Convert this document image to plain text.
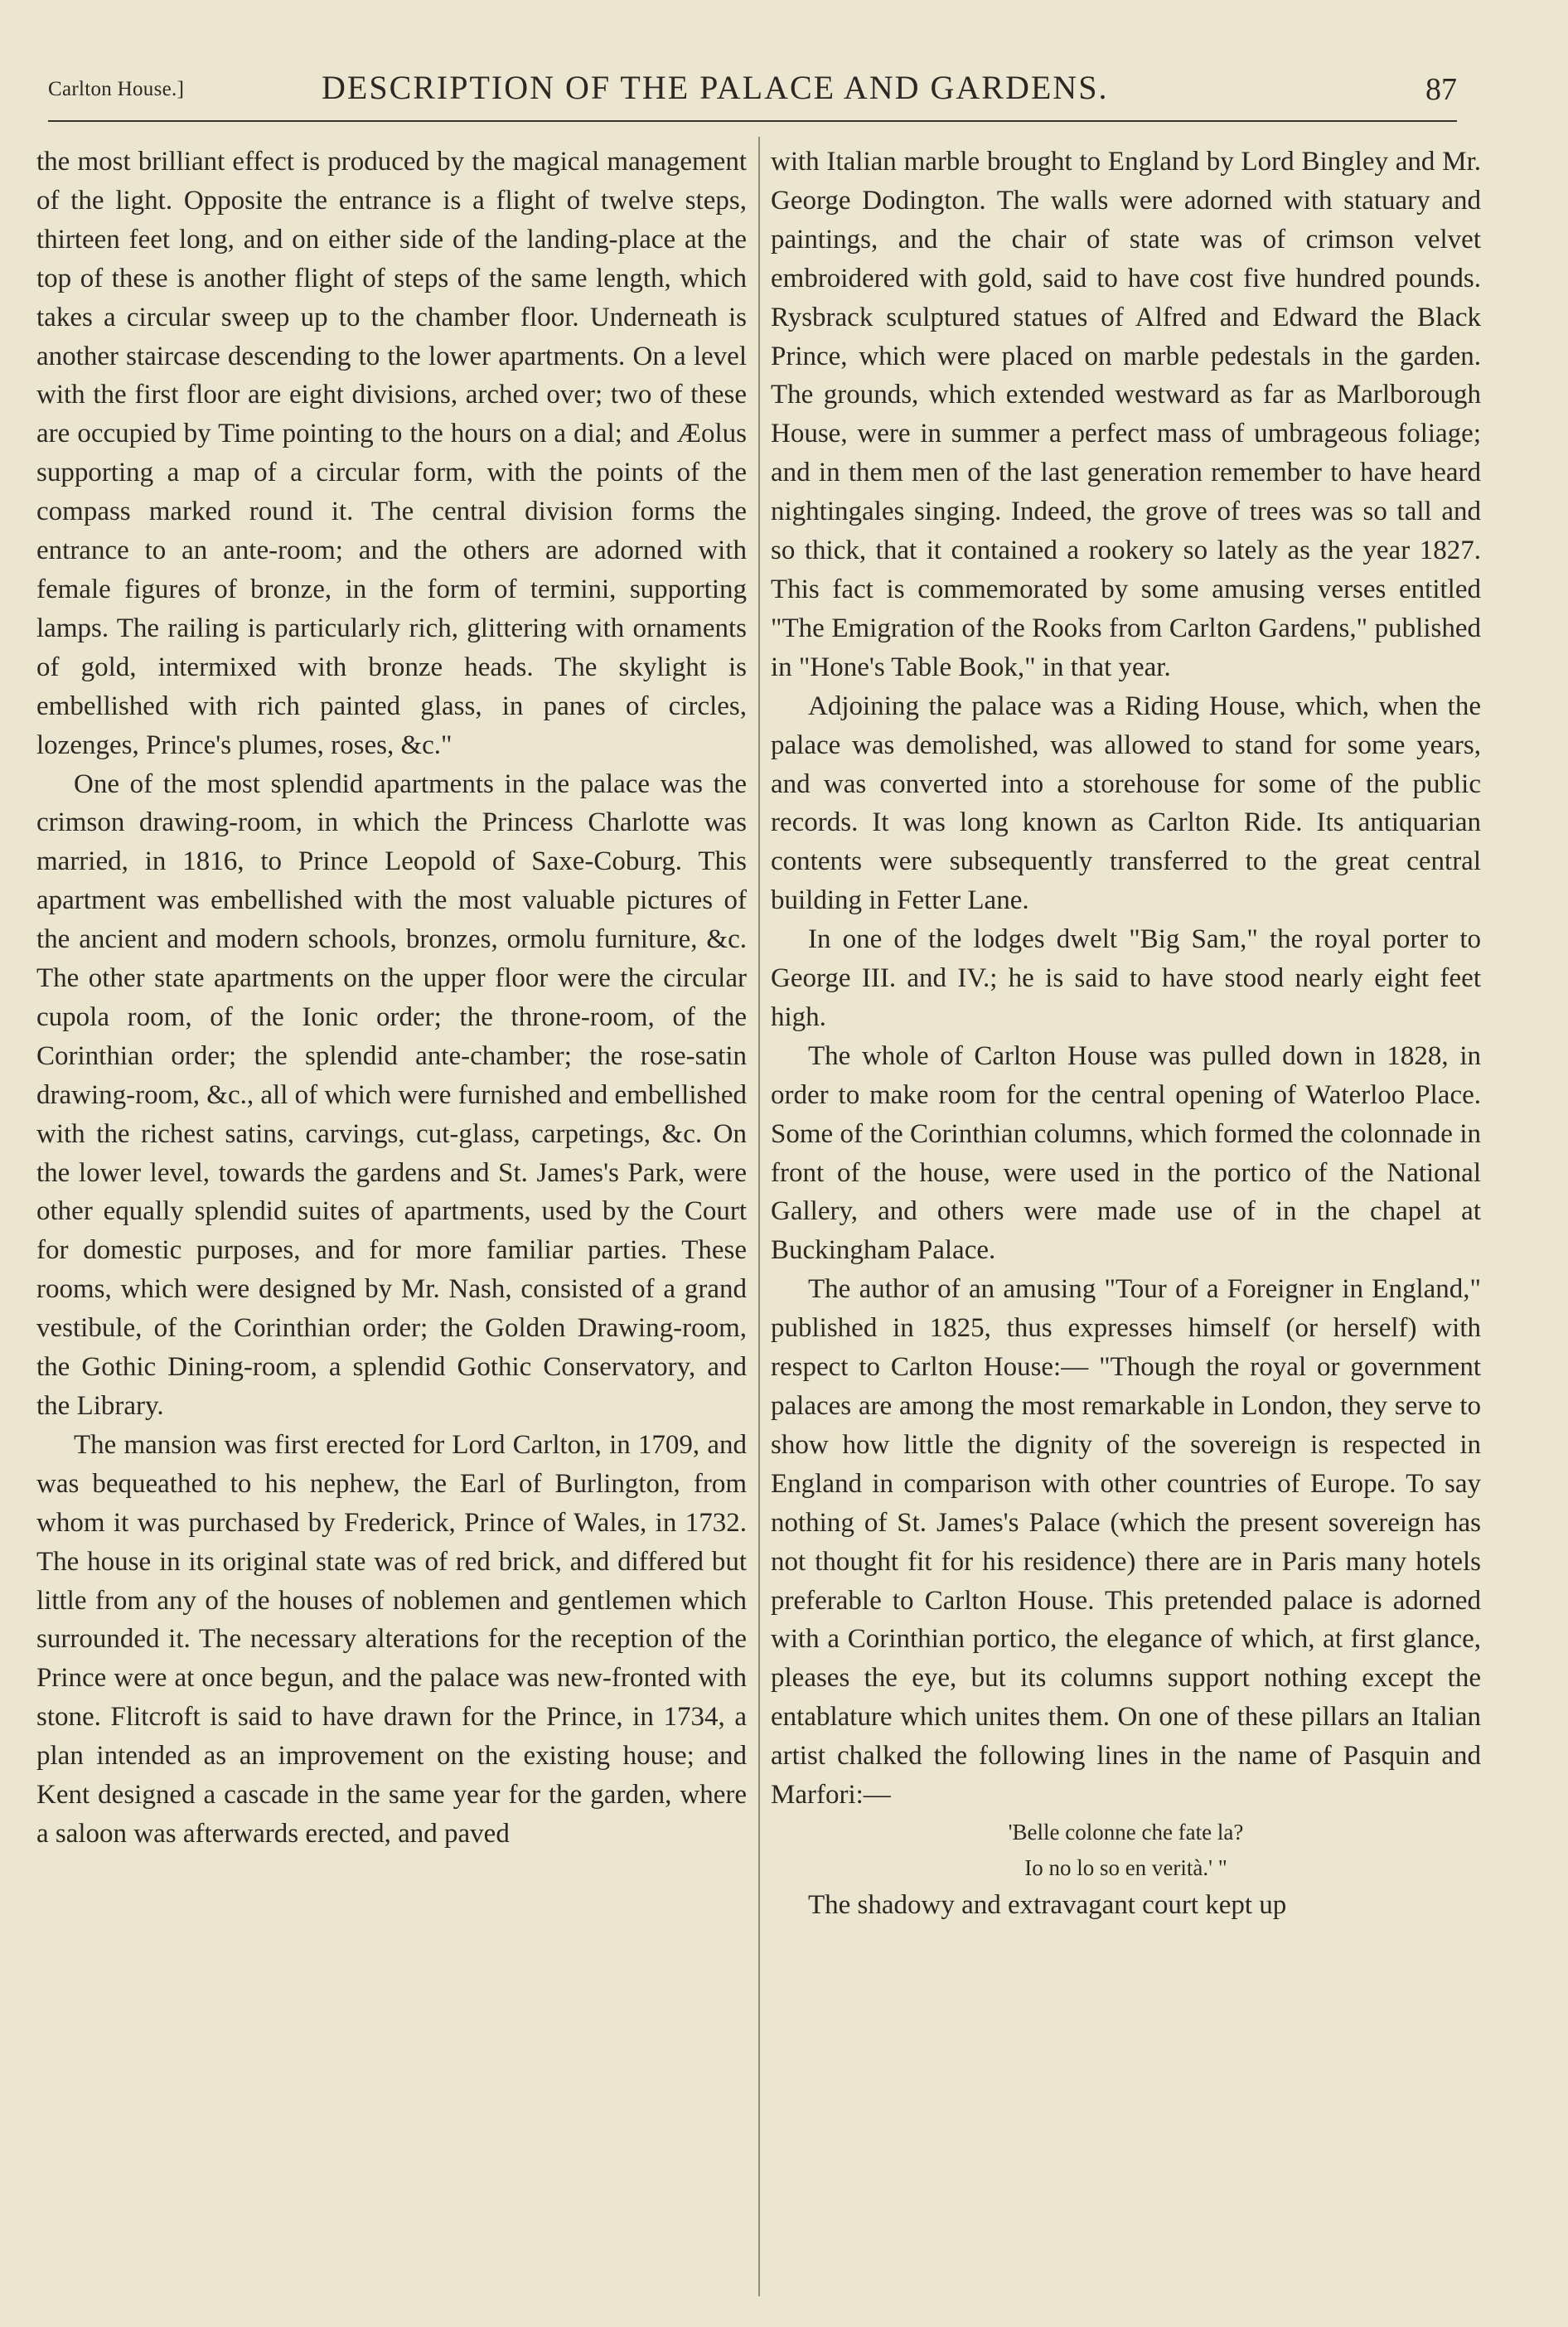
Carlton House.]	DESCRIPTION OF THE PALACE AND GARDENS.	87

the most brilliant effect is produced by the magical management of the light. Opposite the entrance is a flight of twelve steps, thirteen feet long, and on either side of the landing-place at the top of these is another flight of steps of the same length, which takes a circular sweep up to the chamber floor. Underneath is another staircase descending to the lower apartments. On a level with the first floor are eight divisions, arched over; two of these are occupied by Time pointing to the hours on a dial; and Æolus supporting a map of a circular form, with the points of the compass marked round it. The central division forms the entrance to an ante-room; and the others are adorned with female figures of bronze, in the form of termini, supporting lamps. The railing is particularly rich, glittering with ornaments of gold, intermixed with bronze heads. The skylight is embellished with rich painted glass, in panes of circles, lozenges, Prince's plumes, roses, &c."

One of the most splendid apartments in the palace was the crimson drawing-room, in which the Princess Charlotte was married, in 1816, to Prince Leopold of Saxe-Coburg. This apartment was embellished with the most valuable pictures of the ancient and modern schools, bronzes, ormolu furniture, &c. The other state apartments on the upper floor were the circular cupola room, of the Ionic order; the throne-room, of the Corinthian order; the splendid ante-chamber; the rose-satin drawing-room, &c., all of which were furnished and embellished with the richest satins, carvings, cut-glass, carpetings, &c. On the lower level, towards the gardens and St. James's Park, were other equally splendid suites of apartments, used by the Court for domestic purposes, and for more familiar parties. These rooms, which were designed by Mr. Nash, consisted of a grand vestibule, of the Corinthian order; the Golden Drawing-room, the Gothic Dining-room, a splendid Gothic Conservatory, and the Library.

The mansion was first erected for Lord Carlton, in 1709, and was bequeathed to his nephew, the Earl of Burlington, from whom it was purchased by Frederick, Prince of Wales, in 1732. The house in its original state was of red brick, and differed but little from any of the houses of noblemen and gentlemen which surrounded it. The necessary alterations for the reception of the Prince were at once begun, and the palace was new-fronted with stone. Flitcroft is said to have drawn for the Prince, in 1734, a plan intended as an improvement on the existing house; and Kent designed a cascade in the same year for the garden, where a saloon was afterwards erected, and paved

with Italian marble brought to England by Lord Bingley and Mr. George Dodington. The walls were adorned with statuary and paintings, and the chair of state was of crimson velvet embroidered with gold, said to have cost five hundred pounds. Rysbrack sculptured statues of Alfred and Edward the Black Prince, which were placed on marble pedestals in the garden. The grounds, which extended westward as far as Marlborough House, were in summer a perfect mass of umbrageous foliage; and in them men of the last generation remember to have heard nightingales singing. Indeed, the grove of trees was so tall and so thick, that it contained a rookery so lately as the year 1827. This fact is commemorated by some amusing verses entitled "The Emigration of the Rooks from Carlton Gardens," published in "Hone's Table Book," in that year.

Adjoining the palace was a Riding House, which, when the palace was demolished, was allowed to stand for some years, and was converted into a storehouse for some of the public records. It was long known as Carlton Ride. Its antiquarian contents were subsequently transferred to the great central building in Fetter Lane.

In one of the lodges dwelt "Big Sam," the royal porter to George III. and IV.; he is said to have stood nearly eight feet high.

The whole of Carlton House was pulled down in 1828, in order to make room for the central opening of Waterloo Place. Some of the Corinthian columns, which formed the colonnade in front of the house, were used in the portico of the National Gallery, and others were made use of in the chapel at Buckingham Palace.

The author of an amusing "Tour of a Foreigner in England," published in 1825, thus expresses himself (or herself) with respect to Carlton House:— "Though the royal or government palaces are among the most remarkable in London, they serve to show how little the dignity of the sovereign is respected in England in comparison with other countries of Europe. To say nothing of St. James's Palace (which the present sovereign has not thought fit for his residence) there are in Paris many hotels preferable to Carlton House. This pretended palace is adorned with a Corinthian portico, the elegance of which, at first glance, pleases the eye, but its columns support nothing except the entablature which unites them. On one of these pillars an Italian artist chalked the following lines in the name of Pasquin and Marfori:—

'Belle colonne che fate la?
Io no lo so en verità.' "

The shadowy and extravagant court kept up
